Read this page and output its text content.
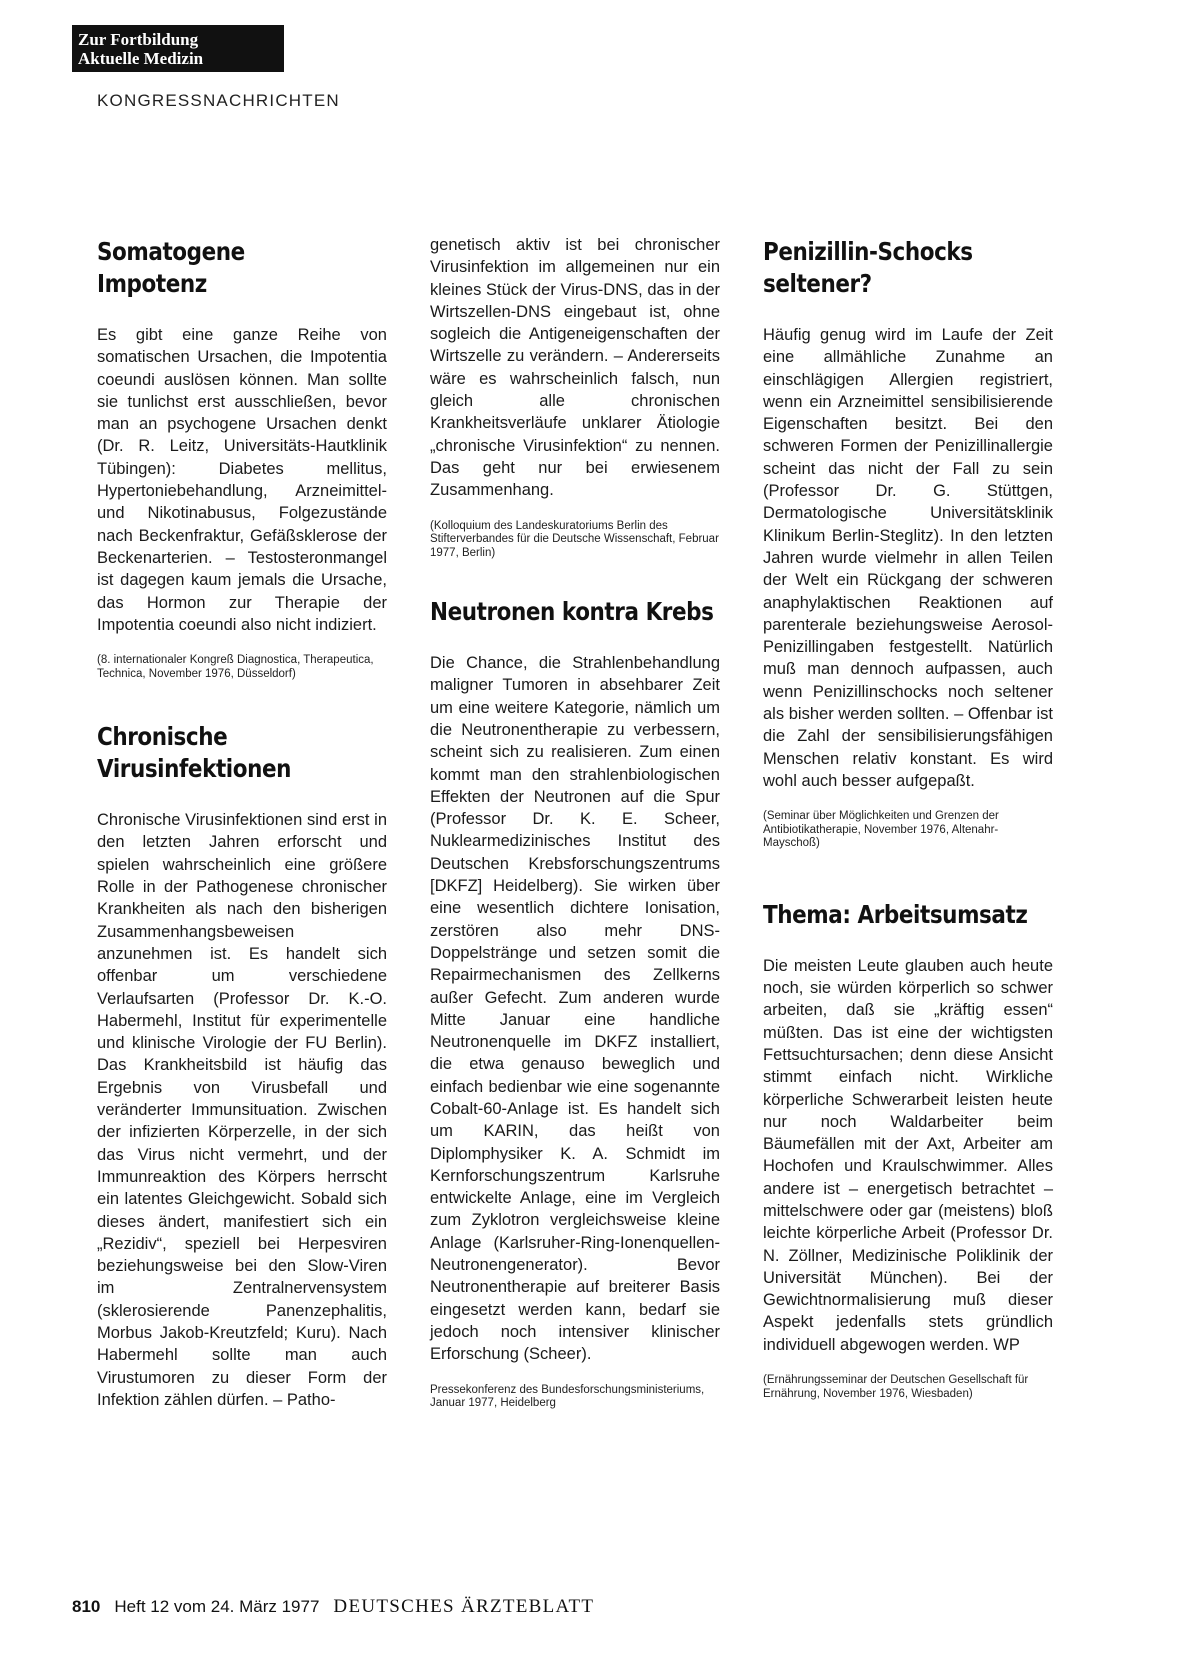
Zur Fortbildung
Aktuelle Medizin
KONGRESSNACHRICHTEN
Somatogene
Impotenz

Es gibt eine ganze Reihe von somatischen Ursachen, die Impotentia coeundi auslösen können. Man sollte sie tunlichst erst ausschließen, bevor man an psychogene Ursachen denkt (Dr. R. Leitz, Universitäts-Hautklinik Tübingen): Diabetes mellitus, Hypertoniebehandlung, Arzneimittel- und Nikotinabusus, Folgezustände nach Beckenfraktur, Gefäßsklerose der Beckenarterien. – Testosteronmangel ist dagegen kaum jemals die Ursache, das Hormon zur Therapie der Impotentia coeundi also nicht indiziert.

(8. internationaler Kongreß Diagnostica, Therapeutica, Technica, November 1976, Düsseldorf)

Chronische
Virusinfektionen

Chronische Virusinfektionen sind erst in den letzten Jahren erforscht und spielen wahrscheinlich eine größere Rolle in der Pathogenese chronischer Krankheiten als nach den bisherigen Zusammenhangsbeweisen anzunehmen ist. Es handelt sich offenbar um verschiedene Verlaufsarten (Professor Dr. K.-O. Habermehl, Institut für experimentelle und klinische Virologie der FU Berlin). Das Krankheitsbild ist häufig das Ergebnis von Virusbefall und veränderter Immunsituation. Zwischen der infizierten Körperzelle, in der sich das Virus nicht vermehrt, und der Immunreaktion des Körpers herrscht ein latentes Gleichgewicht. Sobald sich dieses ändert, manifestiert sich ein „Rezidiv“, speziell bei Herpesviren beziehungsweise bei den Slow-Viren im Zentralnervensystem (sklerosierende Panenzephalitis, Morbus Jakob-Kreutzfeld; Kuru). Nach Habermehl sollte man auch Virustumoren zu dieser Form der Infektion zählen dürfen. – Patho-

genetisch aktiv ist bei chronischer Virusinfektion im allgemeinen nur ein kleines Stück der Virus-DNS, das in der Wirtszellen-DNS eingebaut ist, ohne sogleich die Antigeneigenschaften der Wirtszelle zu verändern. – Andererseits wäre es wahrscheinlich falsch, nun gleich alle chronischen Krankheitsverläufe unklarer Ätiologie „chronische Virusinfektion“ zu nennen. Das geht nur bei erwiesenem Zusammenhang.

(Kolloquium des Landeskuratoriums Berlin des Stifterverbandes für die Deutsche Wissenschaft, Februar 1977, Berlin)

Neutronen kontra Krebs

Die Chance, die Strahlenbehandlung maligner Tumoren in absehbarer Zeit um eine weitere Kategorie, nämlich um die Neutronentherapie zu verbessern, scheint sich zu realisieren. Zum einen kommt man den strahlenbiologischen Effekten der Neutronen auf die Spur (Professor Dr. K. E. Scheer, Nuklearmedizinisches Institut des Deutschen Krebsforschungszentrums [DKFZ] Heidelberg). Sie wirken über eine wesentlich dichtere Ionisation, zerstören also mehr DNS-Doppelstränge und setzen somit die Repairmechanismen des Zellkerns außer Gefecht. Zum anderen wurde Mitte Januar eine handliche Neutronenquelle im DKFZ installiert, die etwa genauso beweglich und einfach bedienbar wie eine sogenannte Cobalt-60-Anlage ist. Es handelt sich um KARIN, das heißt von Diplomphysiker K. A. Schmidt im Kernforschungszentrum Karlsruhe entwickelte Anlage, eine im Vergleich zum Zyklotron vergleichsweise kleine Anlage (Karlsruher-Ring-Ionenquellen-Neutronengenerator). Bevor Neutronentherapie auf breiterer Basis eingesetzt werden kann, bedarf sie jedoch noch intensiver klinischer Erforschung (Scheer).

Pressekonferenz des Bundesforschungsministeriums, Januar 1977, Heidelberg

Penizillin-Schocks
seltener?

Häufig genug wird im Laufe der Zeit eine allmähliche Zunahme an einschlägigen Allergien registriert, wenn ein Arzneimittel sensibilisierende Eigenschaften besitzt. Bei den schweren Formen der Penizillinallergie scheint das nicht der Fall zu sein (Professor Dr. G. Stüttgen, Dermatologische Universitätsklinik Klinikum Berlin-Steglitz). In den letzten Jahren wurde vielmehr in allen Teilen der Welt ein Rückgang der schweren anaphylaktischen Reaktionen auf parenterale beziehungsweise Aerosol-Penizillingaben festgestellt. Natürlich muß man dennoch aufpassen, auch wenn Penizillinschocks noch seltener als bisher werden sollten. – Offenbar ist die Zahl der sensibilisierungsfähigen Menschen relativ konstant. Es wird wohl auch besser aufgepaßt.

(Seminar über Möglichkeiten und Grenzen der Antibiotikatherapie, November 1976, Altenahr-Mayschoß)

Thema: Arbeitsumsatz

Die meisten Leute glauben auch heute noch, sie würden körperlich so schwer arbeiten, daß sie „kräftig essen“ müßten. Das ist eine der wichtigsten Fettsuchtursachen; denn diese Ansicht stimmt einfach nicht. Wirkliche körperliche Schwerarbeit leisten heute nur noch Waldarbeiter beim Bäumefällen mit der Axt, Arbeiter am Hochofen und Kraulschwimmer. Alles andere ist – energetisch betrachtet – mittelschwere oder gar (meistens) bloß leichte körperliche Arbeit (Professor Dr. N. Zöllner, Medizinische Poliklinik der Universität München). Bei der Gewichtnormalisierung muß dieser Aspekt jedenfalls stets gründlich individuell abgewogen werden. WP

(Ernährungsseminar der Deutschen Gesellschaft für Ernährung, November 1976, Wiesbaden)

810 Heft 12 vom 24. März 1977 DEUTSCHES ÄRZTEBLATT
